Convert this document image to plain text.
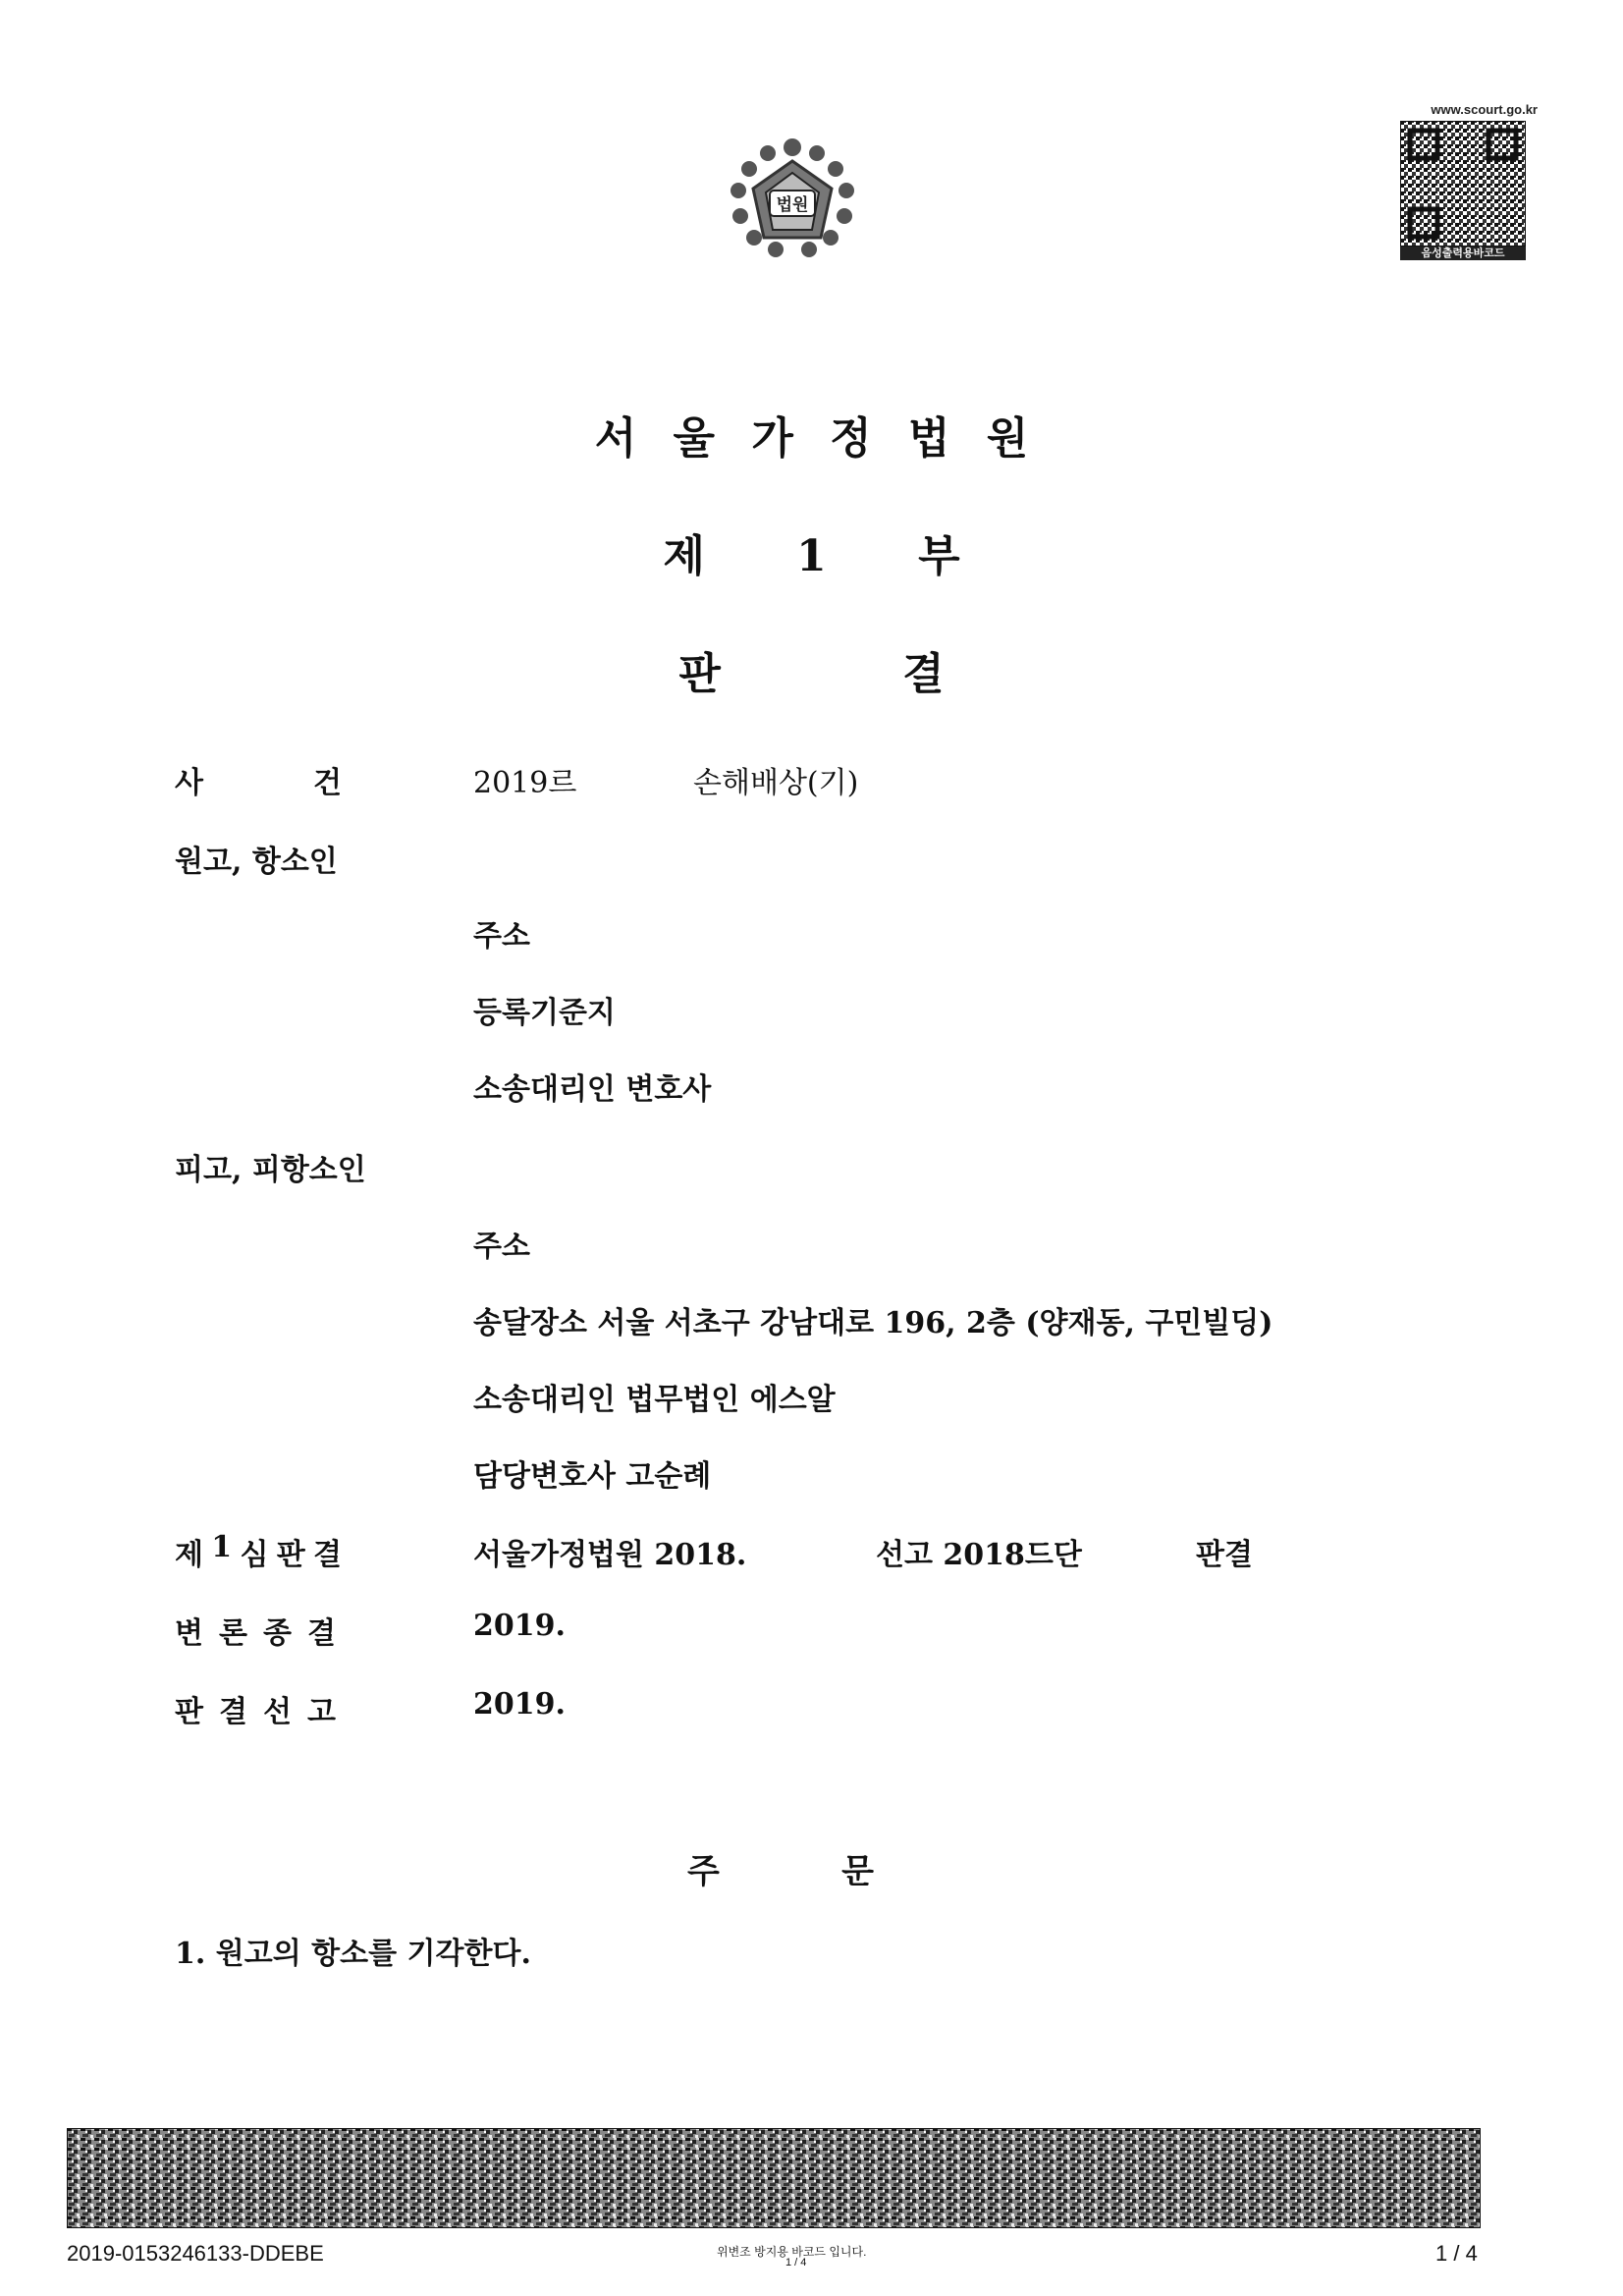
법원
www.scourt.go.kr
음성출력용바코드
서 울 가 정 법 원
제 1 부
판 결
사	건	2019르	손해배상(기)
원고, 항소인
주소
등록기준지
소송대리인 변호사
피고, 피항소인
주소
송달장소 서울 서초구 강남대로 196, 2층 (양재동, 구민빌딩)
소송대리인 법무법인 에스알
담당변호사 고순례
제 1 심 판 결	서울가정법원 2018.	선고 2018드단	판결
변 론 종 결	2019.
판 결 선 고	2019.
주	문
1. 원고의 항소를 기각한다.
2019-0153246133-DDEBE	위변조 방지용 바코드 입니다.
1 / 4	1 / 4
